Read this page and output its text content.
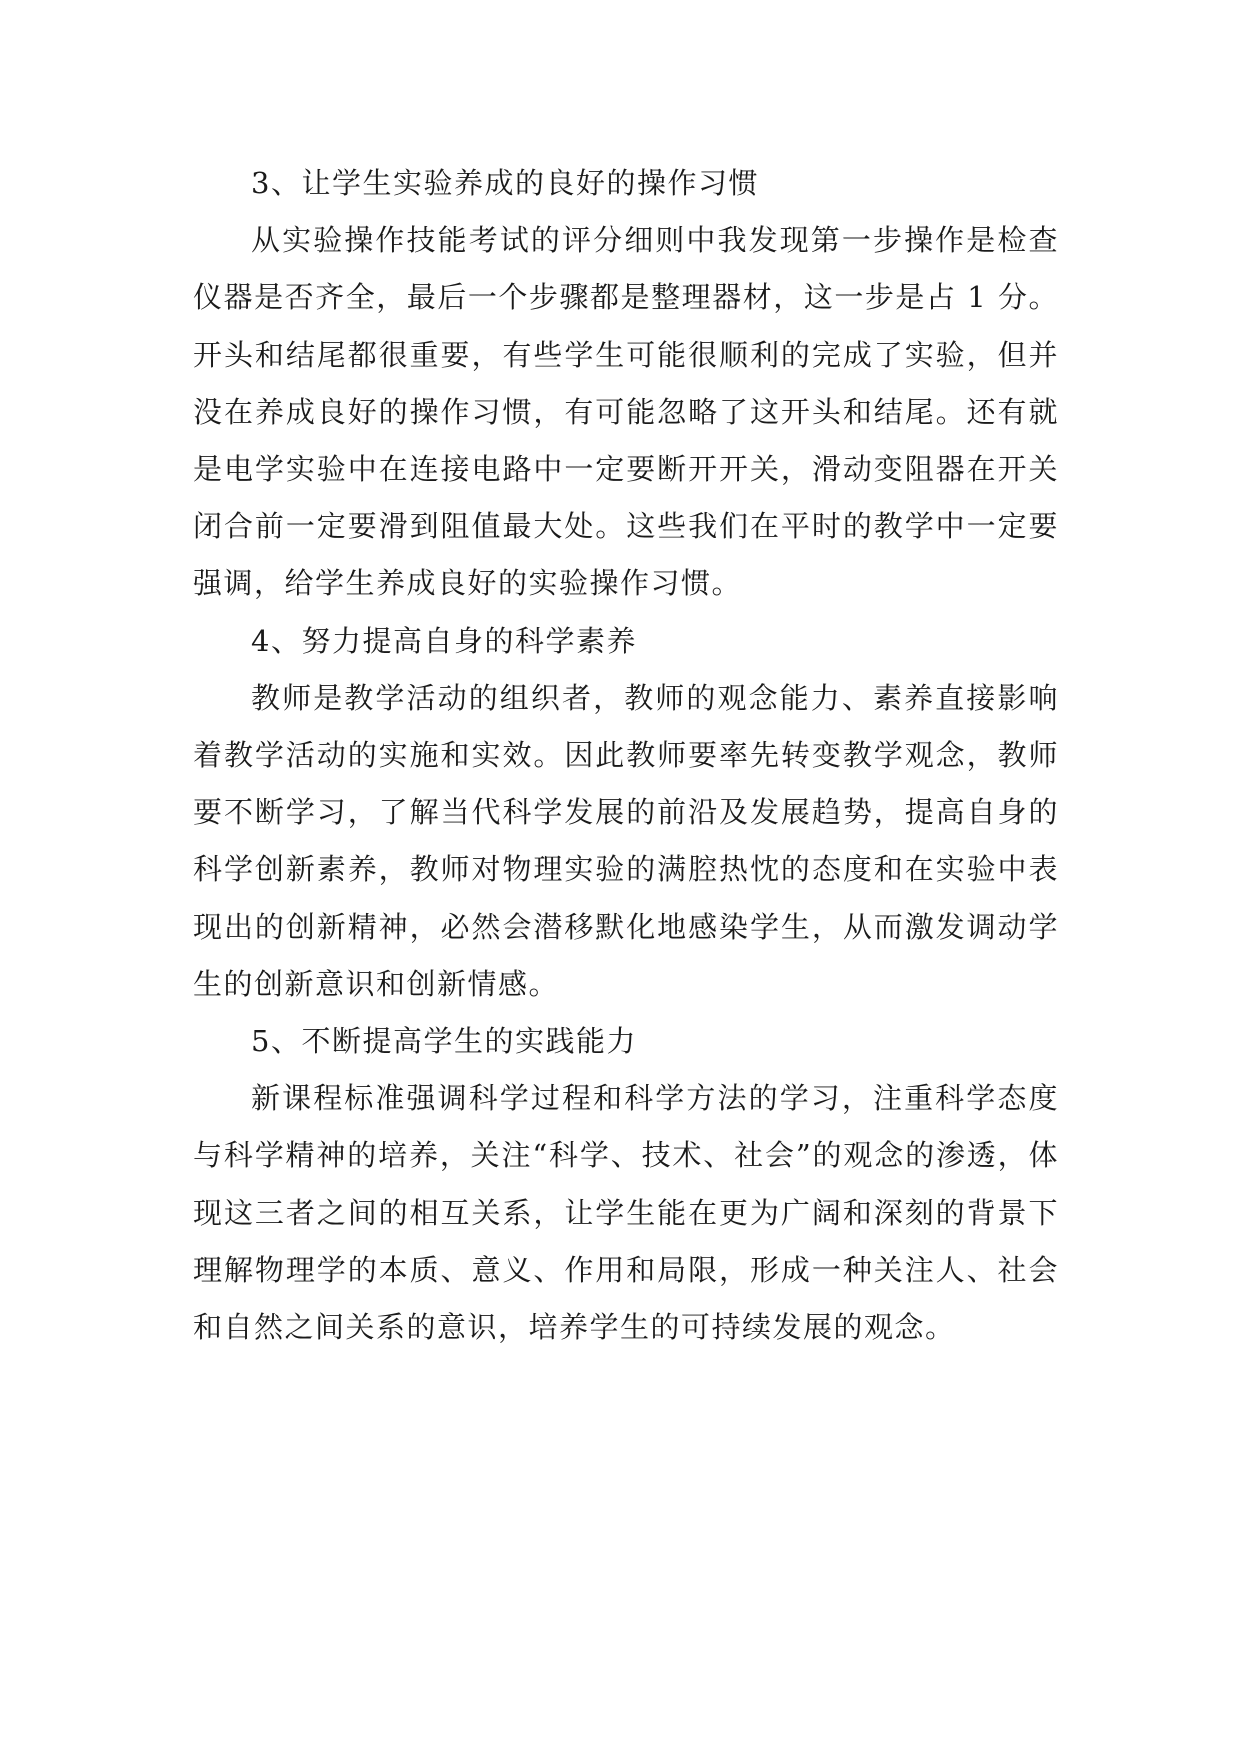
3、让学生实验养成的良好的操作习惯

从实验操作技能考试的评分细则中我发现第一步操作是检查仪器是否齐全，最后一个步骤都是整理器材，这一步是占 1 分。开头和结尾都很重要，有些学生可能很顺利的完成了实验，但并没在养成良好的操作习惯，有可能忽略了这开头和结尾。还有就是电学实验中在连接电路中一定要断开开关，滑动变阻器在开关闭合前一定要滑到阻值最大处。这些我们在平时的教学中一定要强调，给学生养成良好的实验操作习惯。

4、努力提高自身的科学素养

教师是教学活动的组织者，教师的观念能力、素养直接影响着教学活动的实施和实效。因此教师要率先转变教学观念，教师要不断学习，了解当代科学发展的前沿及发展趋势，提高自身的科学创新素养，教师对物理实验的满腔热忱的态度和在实验中表现出的创新精神，必然会潜移默化地感染学生，从而激发调动学生的创新意识和创新情感。

5、不断提高学生的实践能力

新课程标准强调科学过程和科学方法的学习，注重科学态度与科学精神的培养，关注“科学、技术、社会”的观念的渗透，体现这三者之间的相互关系，让学生能在更为广阔和深刻的背景下理解物理学的本质、意义、作用和局限，形成一种关注人、社会和自然之间关系的意识，培养学生的可持续发展的观念。
